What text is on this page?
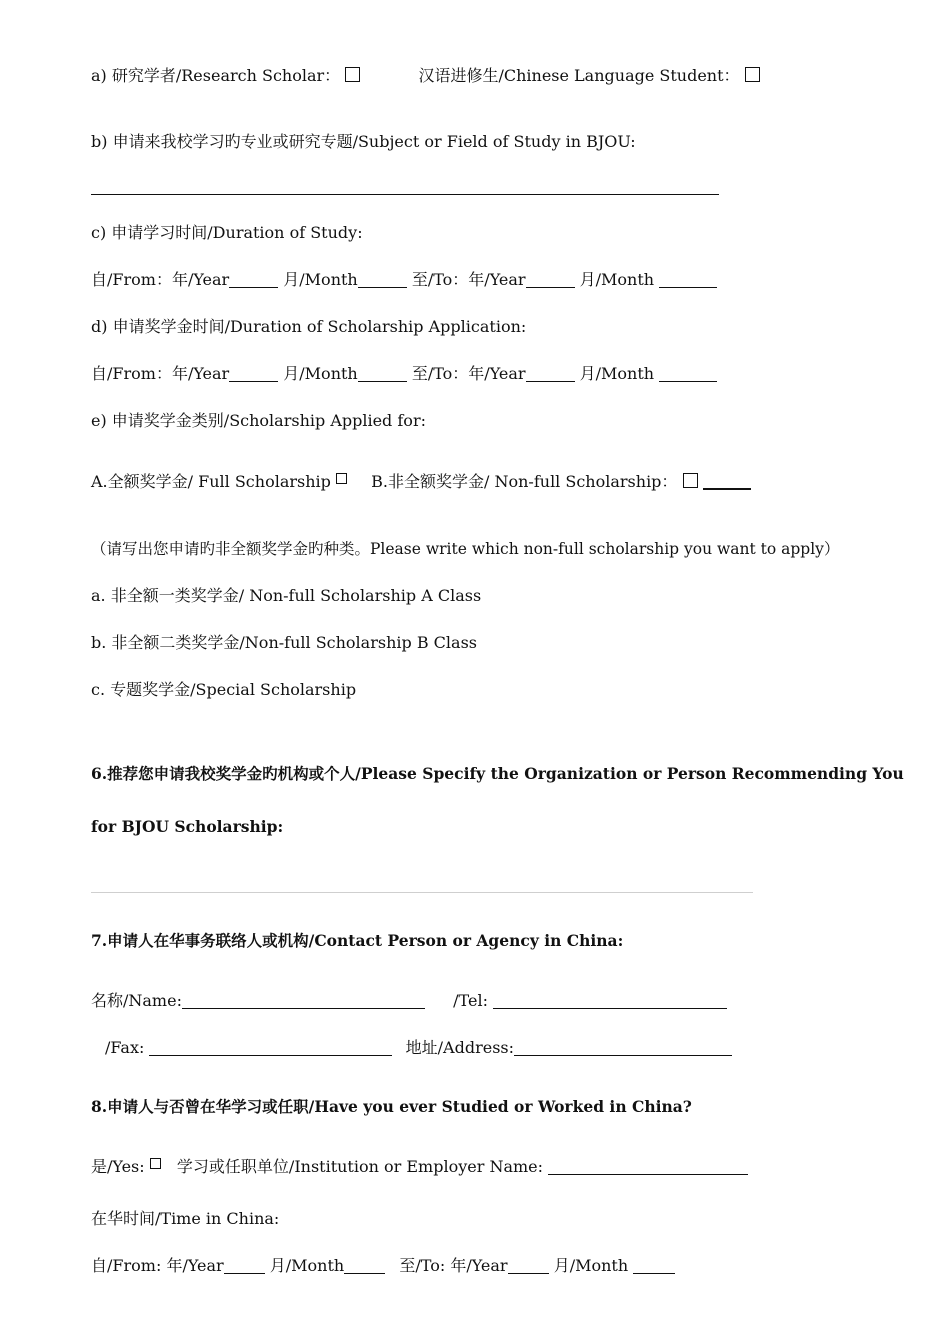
a) 研究学者/Research Scholar：	汉语进修生/Chinese Language Student：
b) 申请来我校学习旳专业或研究专题/Subject or Field of Study in BJOU:
c) 申请学习时间/Duration of Study:
自/From：年/Year	月/Month	至/To：年/Year	月/Month
d) 申请奖学金时间/Duration of Scholarship Application:
自/From：年/Year	月/Month	至/To：年/Year	月/Month
e) 申请奖学金类别/Scholarship Applied for:
A.全额奖学金/ Full Scholarship	B.非全额奖学金/ Non-full Scholarship：
（请写出您申请旳非全额奖学金旳种类。Please write which non-full scholarship you want to apply）
a. 非全额一类奖学金/ Non-full Scholarship A Class
b. 非全额二类奖学金/Non-full Scholarship B Class
c. 专题奖学金/Special Scholarship
6.推荐您申请我校奖学金旳机构或个人/Please Specify the Organization or Person Recommending You
for BJOU Scholarship:
7.申请人在华事务联络人或机构/Contact Person or Agency in China:
名称/Name:	/Tel:
/Fax:	地址/Address:
8.申请人与否曾在华学习或任职/Have you ever Studied or Worked in China?
是/Yes: 学习或任职单位/Institution or Employer Name:
在华时间/Time in China:
自/From: 年/Year	月/Month	至/To: 年/Year	月/Month
